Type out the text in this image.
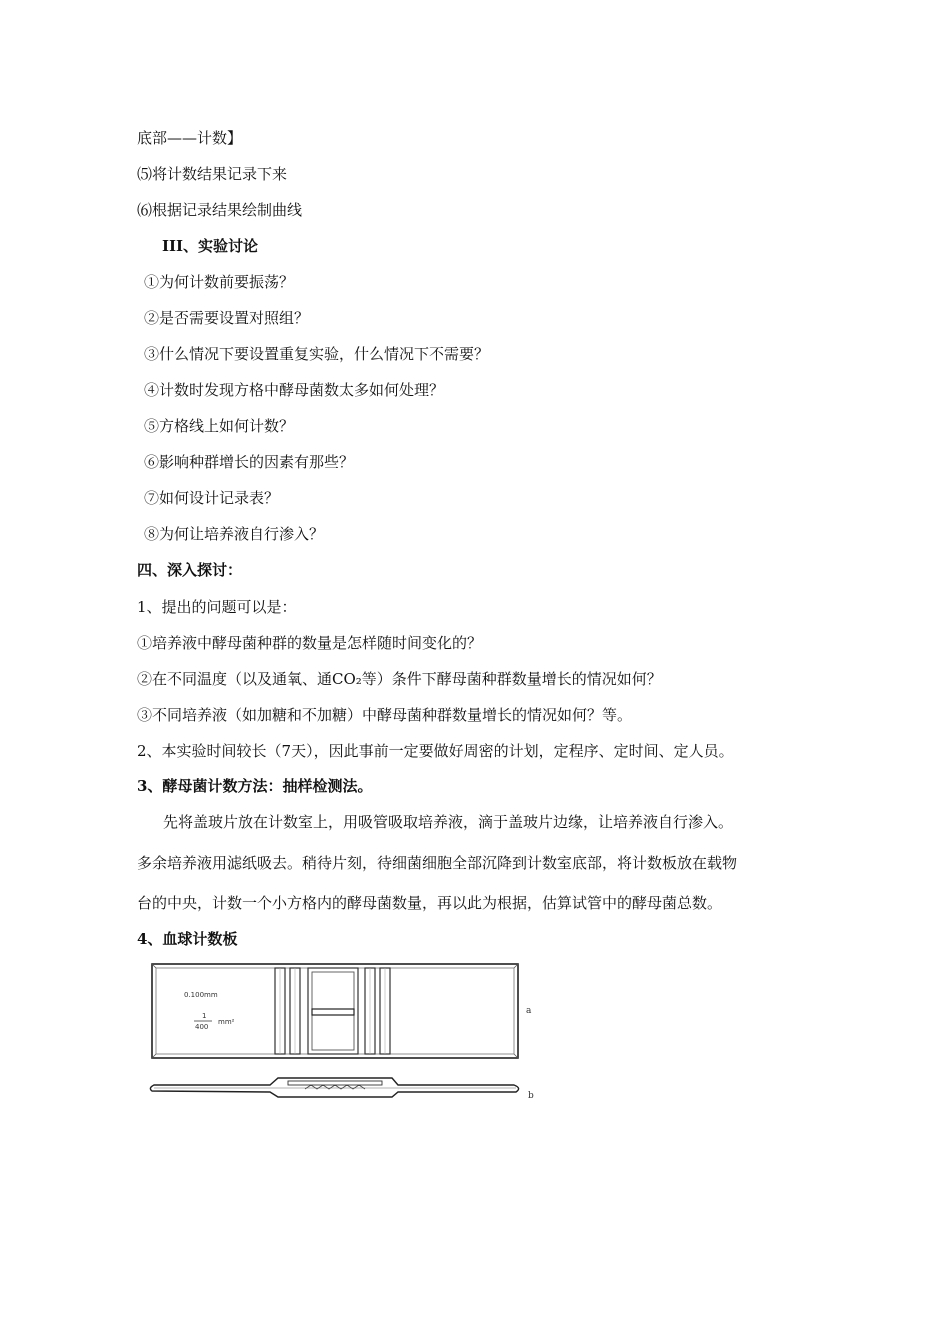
底部——计数】
⑸将计数结果记录下来
⑹根据记录结果绘制曲线
III、实验讨论
①为何计数前要振荡？
②是否需要设置对照组？
③什么情况下要设置重复实验，什么情况下不需要？
④计数时发现方格中酵母菌数太多如何处理？
⑤方格线上如何计数？
⑥影响种群增长的因素有那些？
⑦如何设计记录表？
⑧为何让培养液自行渗入？
四、深入探讨：
1、提出的问题可以是：
①培养液中酵母菌种群的数量是怎样随时间变化的？
②在不同温度（以及通氧、通CO₂等）条件下酵母菌种群数量增长的情况如何？
③不同培养液（如加糖和不加糖）中酵母菌种群数量增长的情况如何？等。
2、本实验时间较长（7天），因此事前一定要做好周密的计划，定程序、定时间、定人员。
3、酵母菌计数方法：抽样检测法。
先将盖玻片放在计数室上，用吸管吸取培养液，滴于盖玻片边缘，让培养液自行渗入。
多余培养液用滤纸吸去。稍待片刻，待细菌细胞全部沉降到计数室底部，将计数板放在载物
台的中央，计数一个小方格内的酵母菌数量，再以此为根据，估算试管中的酵母菌总数。
4、血球计数板
0.100mm
1
400
mm²
a
b
